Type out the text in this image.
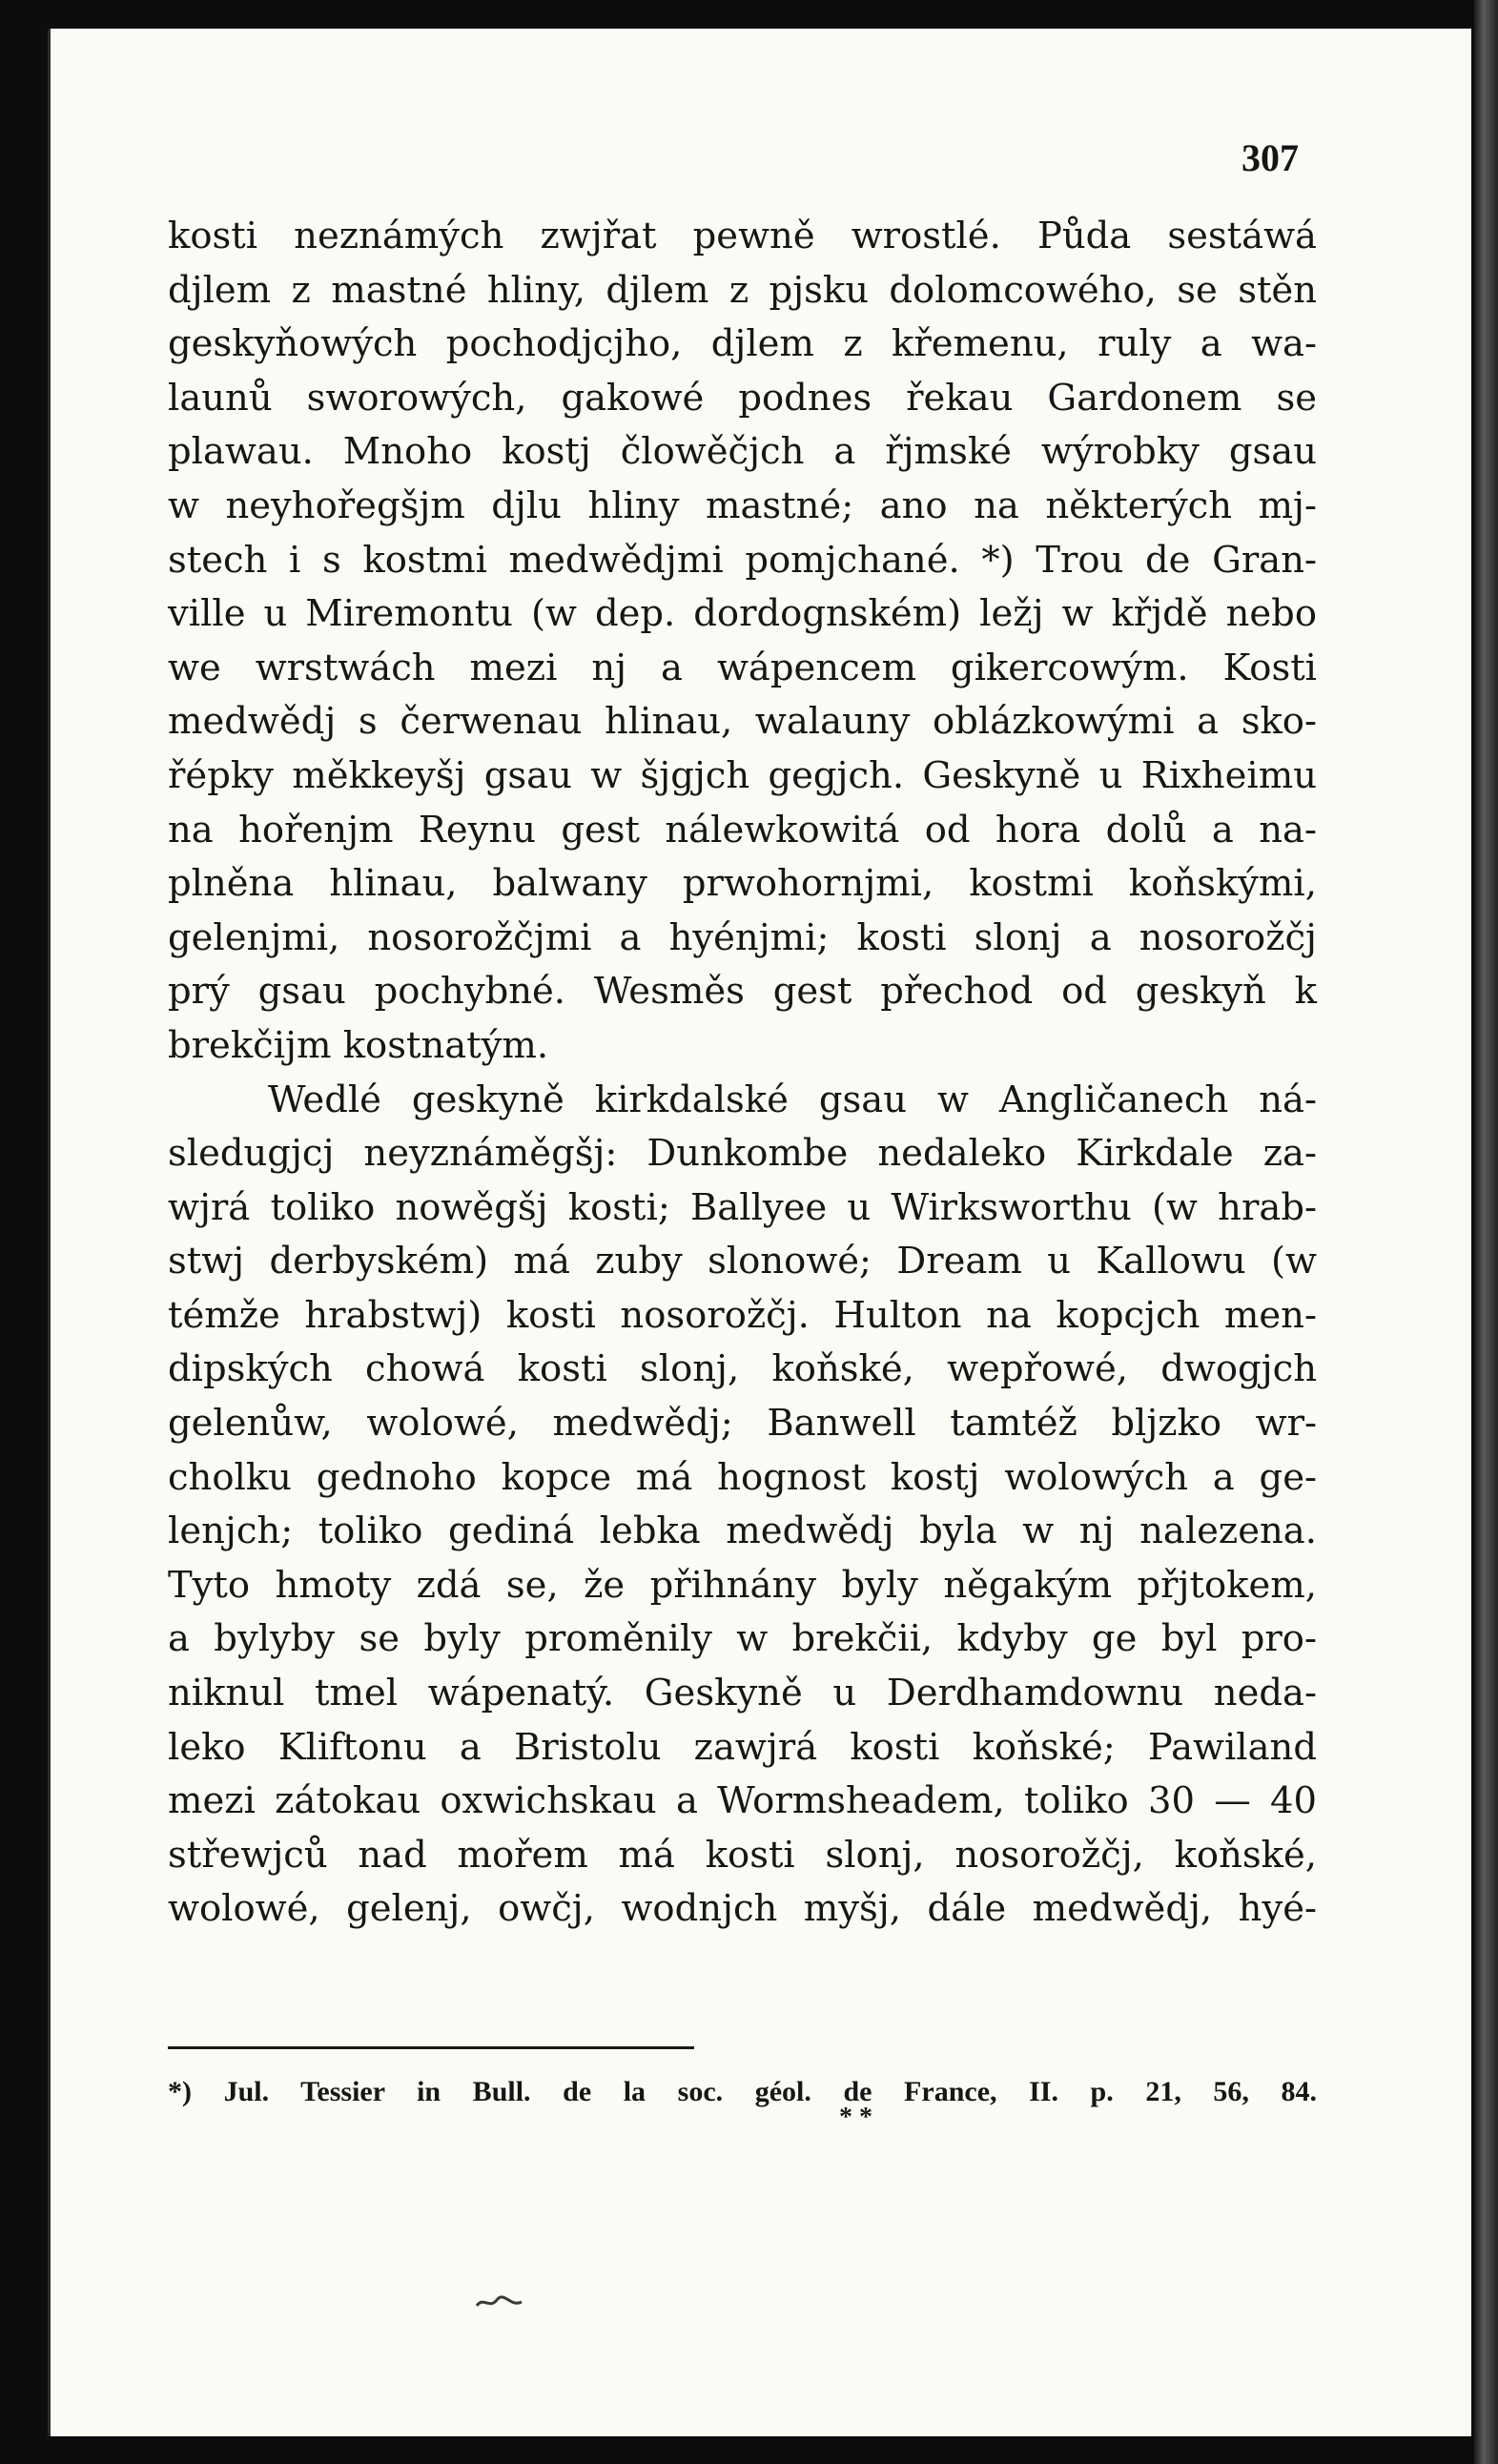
307
kosti neznámých zwjřat pewně wrostlé. Půda sestáwá
djlem z mastné hliny, djlem z pjsku dolomcowého, se stěn
geskyňowých pochodjcjho, djlem z křemenu, ruly a wa-
launů sworowých, gakowé podnes řekau Gardonem se
plawau. Mnoho kostj člowěčjch a řjmské wýrobky gsau
w neyhořegšjm djlu hliny mastné; ano na některých mj-
stech i s kostmi medwědjmi pomjchané. *) Trou de Gran-
ville u Miremontu (w dep. dordognském) ležj w křjdě nebo
we wrstwách mezi nj a wápencem gikercowým. Kosti
medwědj s čerwenau hlinau, walauny oblázkowými a sko-
řépky měkkeyšj gsau w šjgjch gegjch. Geskyně u Rixheimu
na hořenjm Reynu gest nálewkowitá od hora dolů a na-
plněna hlinau, balwany prwohornjmi, kostmi koňskými,
gelenjmi, nosorožčjmi a hyénjmi; kosti slonj a nosorožčj
prý gsau pochybné. Wesměs gest přechod od geskyň k
brekčijm kostnatým.
Wedlé geskyně kirkdalské gsau w Angličanech ná-
sledugjcj neyznáměgšj: Dunkombe nedaleko Kirkdale za-
wjrá toliko nowěgšj kosti; Ballyee u Wirksworthu (w hrab-
stwj derbyském) má zuby slonowé; Dream u Kallowu (w
témže hrabstwj) kosti nosorožčj. Hulton na kopcjch men-
dipských chowá kosti slonj, koňské, wepřowé, dwogjch
gelenůw, wolowé, medwědj; Banwell tamtéž bljzko wr-
cholku gednoho kopce má hognost kostj wolowých a ge-
lenjch; toliko gediná lebka medwědj byla w nj nalezena.
Tyto hmoty zdá se, že přihnány byly něgakým přjtokem,
a bylyby se byly proměnily w brekčii, kdyby ge byl pro-
niknul tmel wápenatý. Geskyně u Derdhamdownu neda-
leko Kliftonu a Bristolu zawjrá kosti koňské; Pawiland
mezi zátokau oxwichskau a Wormsheadem, toliko 30 — 40
střewjců nad mořem má kosti slonj, nosorožčj, koňské,
wolowé, gelenj, owčj, wodnjch myšj, dále medwědj, hyé-
*) Jul. Tessier in Bull. de la soc. géol. de France, II. p. 21, 56, 84.
* *
